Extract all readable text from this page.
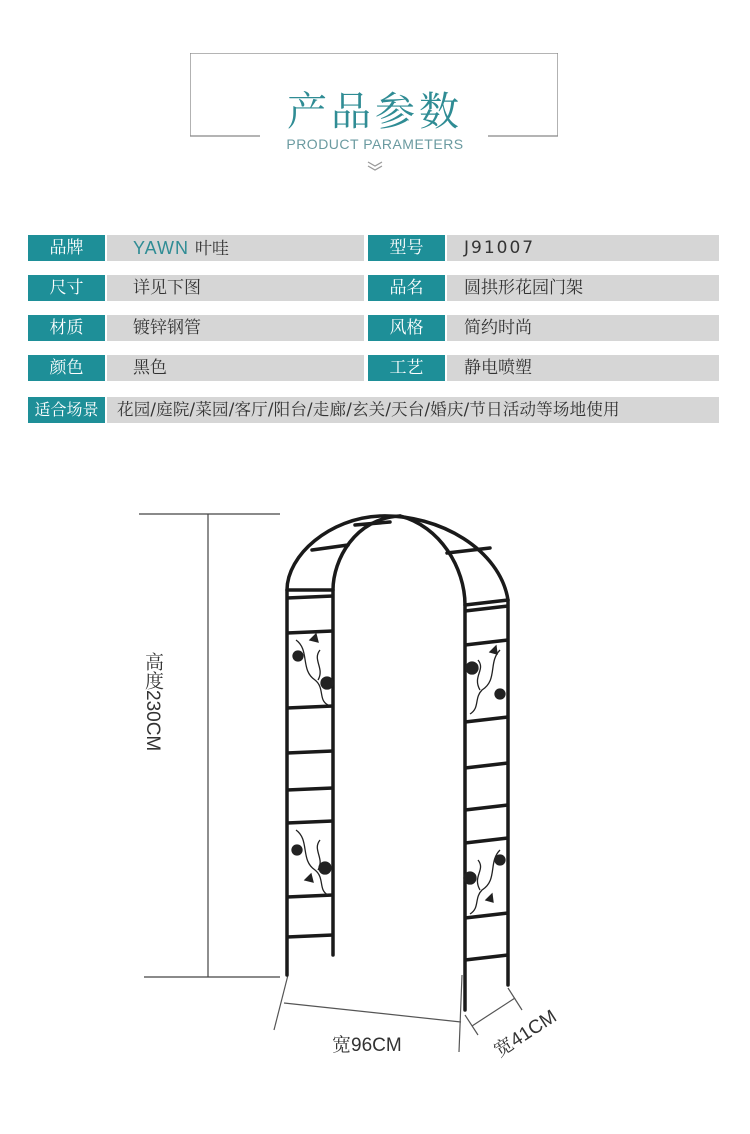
产品参数
PRODUCT PARAMETERS
品牌	YAWN 叶哇	型号	J91007
尺寸	详见下图	品名	圆拱形花园门架
材质	镀锌钢管	风格	简约时尚
颜色	黑色	工艺	静电喷塑
适合场景	花园/庭院/菜园/客厅/阳台/走廊/玄关/天台/婚庆/节日活动等场地使用
高度230CM
宽96CM	宽41CM
